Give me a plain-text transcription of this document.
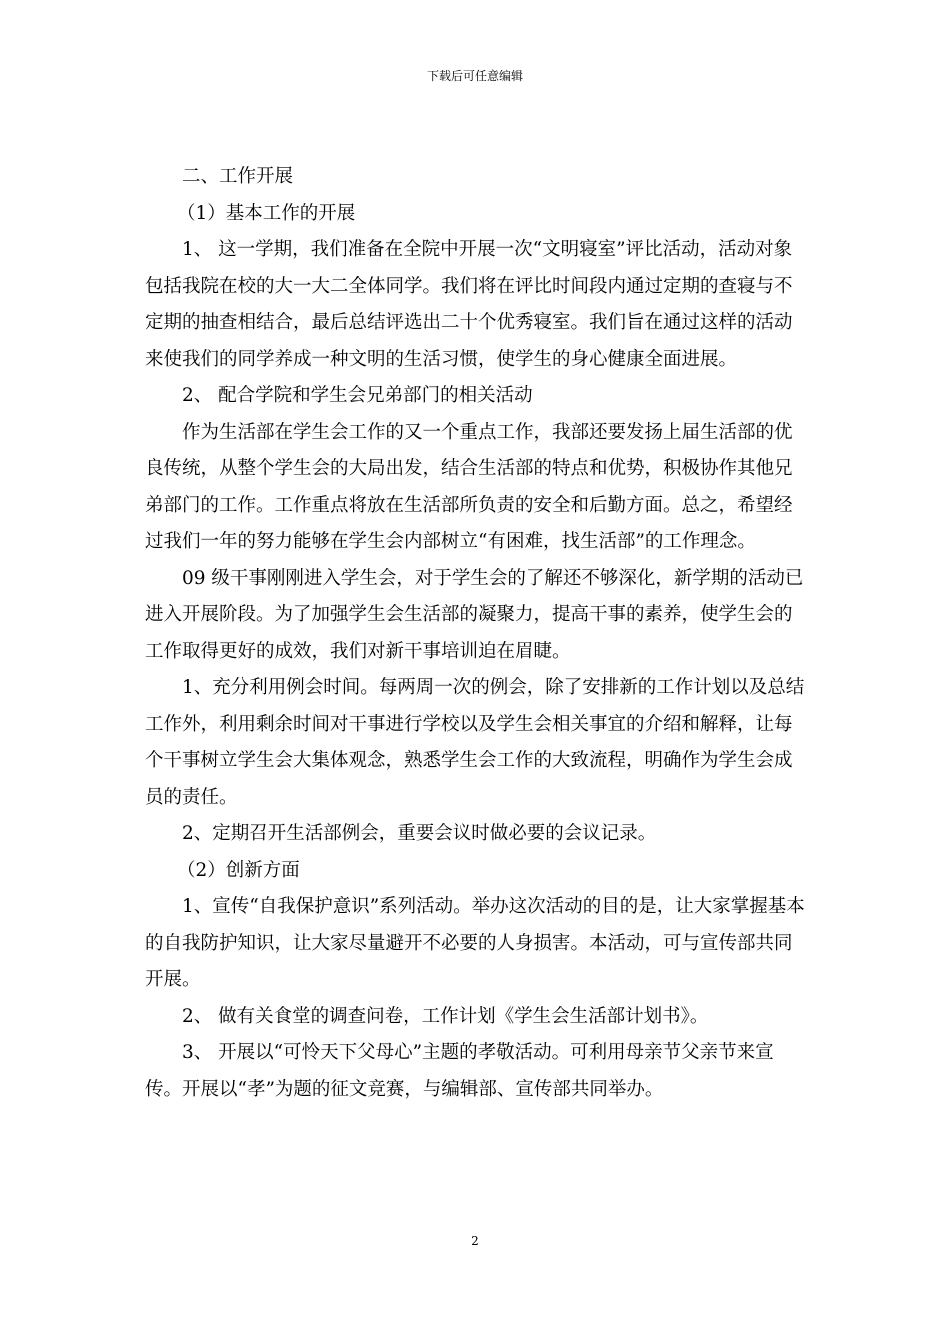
下载后可任意编辑

二、工作开展

（1）基本工作的开展

1、 这一学期，我们准备在全院中开展一次“文明寝室”评比活动，活动对象包括我院在校的大一大二全体同学。我们将在评比时间段内通过定期的查寝与不定期的抽查相结合，最后总结评选出二十个优秀寝室。我们旨在通过这样的活动来使我们的同学养成一种文明的生活习惯，使学生的身心健康全面进展。

2、 配合学院和学生会兄弟部门的相关活动

作为生活部在学生会工作的又一个重点工作，我部还要发扬上届生活部的优良传统，从整个学生会的大局出发，结合生活部的特点和优势，积极协作其他兄弟部门的工作。工作重点将放在生活部所负责的安全和后勤方面。总之，希望经过我们一年的努力能够在学生会内部树立“有困难，找生活部”的工作理念。

09 级干事刚刚进入学生会，对于学生会的了解还不够深化，新学期的活动已进入开展阶段。为了加强学生会生活部的凝聚力，提高干事的素养，使学生会的工作取得更好的成效，我们对新干事培训迫在眉睫。

1、充分利用例会时间。每两周一次的例会，除了安排新的工作计划以及总结工作外，利用剩余时间对干事进行学校以及学生会相关事宜的介绍和解释，让每个干事树立学生会大集体观念，熟悉学生会工作的大致流程，明确作为学生会成员的责任。

2、定期召开生活部例会，重要会议时做必要的会议记录。

（2）创新方面

1、宣传“自我保护意识”系列活动。举办这次活动的目的是，让大家掌握基本的自我防护知识，让大家尽量避开不必要的人身损害。本活动，可与宣传部共同开展。

2、 做有关食堂的调查问卷，工作计划《学生会生活部计划书》。

3、 开展以“可怜天下父母心”主题的孝敬活动。可利用母亲节父亲节来宣传。开展以“孝”为题的征文竞赛，与编辑部、宣传部共同举办。

2
